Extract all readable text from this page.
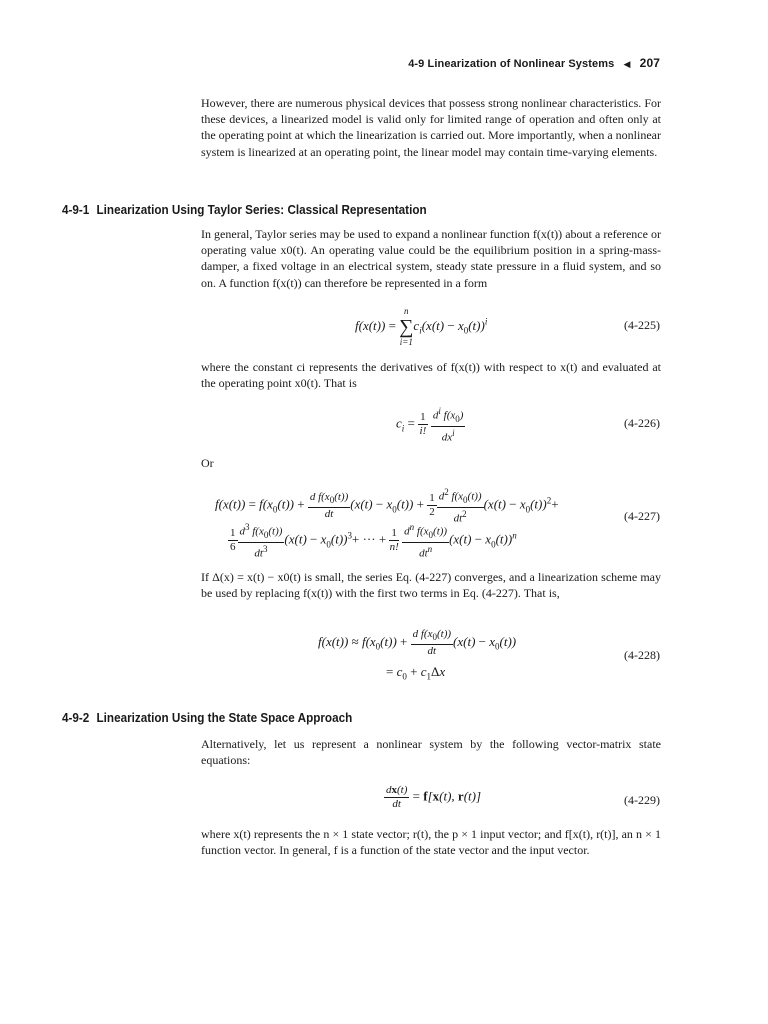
4-9 Linearization of Nonlinear Systems ◀ 207
However, there are numerous physical devices that possess strong nonlinear characteristics. For these devices, a linearized model is valid only for limited range of operation and often only at the operating point at which the linearization is carried out. More importantly, when a nonlinear system is linearized at an operating point, the linear model may contain time-varying elements.
4-9-1 Linearization Using Taylor Series: Classical Representation
In general, Taylor series may be used to expand a nonlinear function f(x(t)) about a reference or operating value x0(t). An operating value could be the equilibrium position in a spring-mass-damper, a fixed voltage in an electrical system, steady state pressure in a fluid system, and so on. A function f(x(t)) can therefore be represented in a form
f(x(t)) =
n
∑
i=1
$c_i(x(t) - x_0(t))^i$	(4-225)
where the constant ci represents the derivatives of f(x(t)) with respect to x(t) and evaluated at the operating point x0(t). That is
$c_i = \frac{1}{i!}$
$\frac{d^i f(x_0)}{dx^i}$	(4-226)
Or
$f(x(t)) = f(x_0(t)) + \frac{d f(x_0(t))}{dt} (x(t) - x_0(t)) + \frac{1}{2} \frac{d^2 f(x_0(t))}{dt^2} (x(t) - x_0(t))^2+$
$\frac{1}{6} \frac{d^3 f(x_0(t))}{dt^3} (x(t) - x_0(t))^3+$ ··· + $\frac{1}{n!}$
$\frac{d^n f(x_0(t))}{dt^n} (x(t) - x_0(t))^n$
(4-227)
If Δ(x) = x(t) − x0(t) is small, the series Eq. (4-227) converges, and a linearization scheme may be used by replacing f(x(t)) with the first two terms in Eq. (4-227). That is,
$f(x(t)) \approx f(x_0(t)) + \frac{d f(x_0(t))}{dt} (x(t) - x_0(t))$
= $c_0 + c_1\Delta x$
(4-228)
4-9-2 Linearization Using the State Space Approach
Alternatively, let us represent a nonlinear system by the following vector-matrix state equations:
$\frac{dx(t)}{dt} = f[x(t)$, r(t)]	(4-229)
where x(t) represents the n × 1 state vector; r(t), the p × 1 input vector; and f[x(t), r(t)], an n × 1 function vector. In general, f is a function of the state vector and the input vector.
